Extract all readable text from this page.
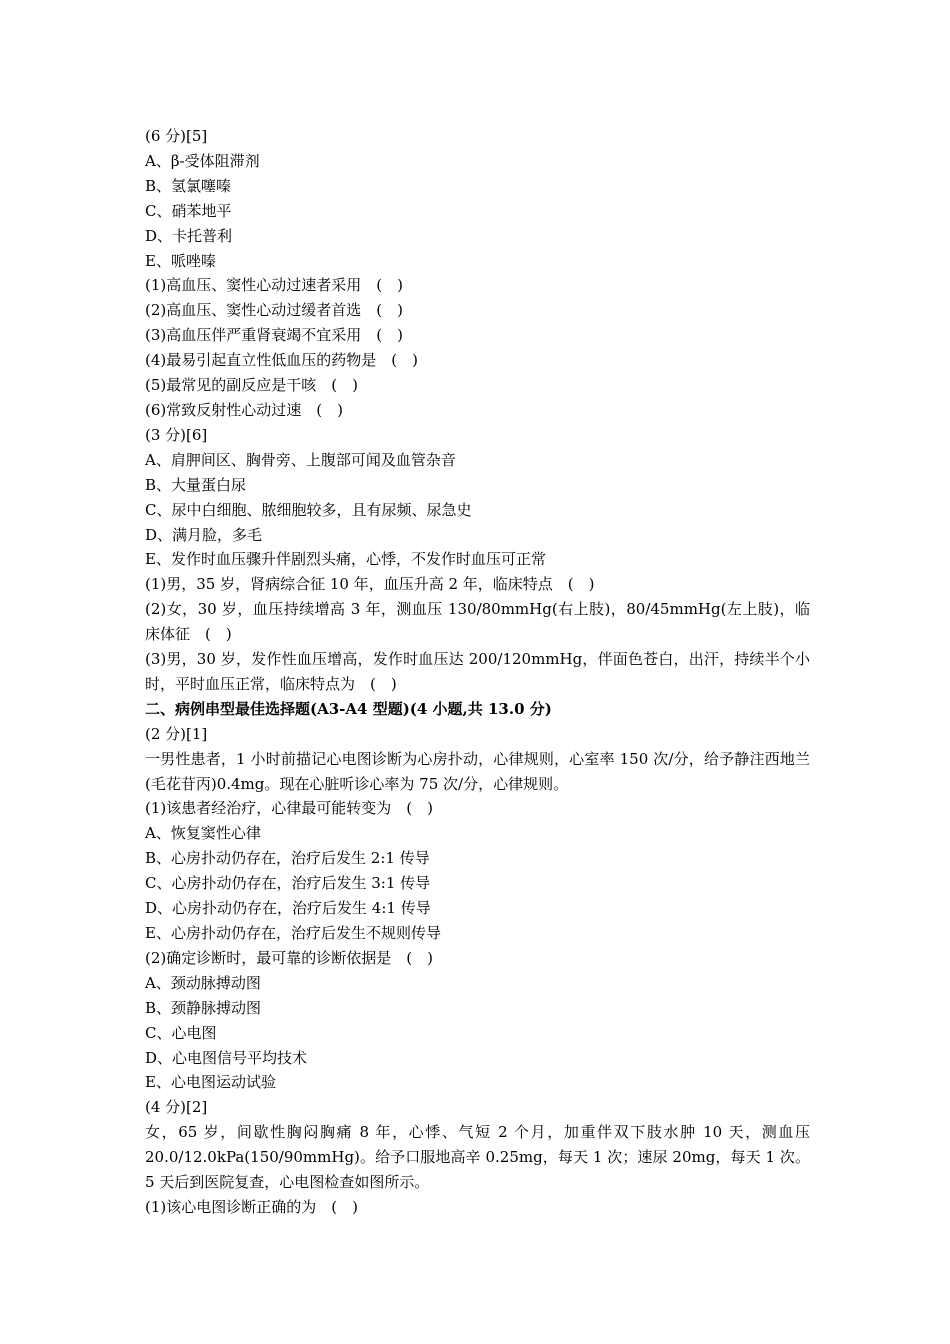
(6 分)[5]
A、β-受体阻滞剂
B、氢氯噻嗪
C、硝苯地平
D、卡托普利
E、哌唑嗪
(1)高血压、窦性心动过速者采用　(　)
(2)高血压、窦性心动过缓者首选　(　)
(3)高血压伴严重肾衰竭不宜采用　(　)
(4)最易引起直立性低血压的药物是　(　)
(5)最常见的副反应是干咳　(　)
(6)常致反射性心动过速　(　)
(3 分)[6]
A、肩胛间区、胸骨旁、上腹部可闻及血管杂音
B、大量蛋白尿
C、尿中白细胞、脓细胞较多，且有尿频、尿急史
D、满月脸，多毛
E、发作时血压骤升伴剧烈头痛，心悸，不发作时血压可正常
(1)男，35 岁，肾病综合征 10 年，血压升高 2 年，临床特点　(　)
(2)女，30 岁，血压持续增高 3 年，测血压 130/80mmHg(右上肢)，80/45mmHg(左上肢)，临床体征　(　)
(3)男，30 岁，发作性血压增高，发作时血压达 200/120mmHg，伴面色苍白，出汗，持续半个小时，平时血压正常，临床特点为　(　)
二、病例串型最佳选择题(A3-A4 型题)(4 小题,共 13.0 分)
(2 分)[1]
一男性患者，1 小时前描记心电图诊断为心房扑动，心律规则，心室率 150 次/分，给予静注西地兰(毛花苷丙)0.4mg。现在心脏听诊心率为 75 次/分，心律规则。
(1)该患者经治疗，心律最可能转变为　(　)
A、恢复窦性心律
B、心房扑动仍存在，治疗后发生 2:1 传导
C、心房扑动仍存在，治疗后发生 3:1 传导
D、心房扑动仍存在，治疗后发生 4:1 传导
E、心房扑动仍存在，治疗后发生不规则传导
(2)确定诊断时，最可靠的诊断依据是　(　)
A、颈动脉搏动图
B、颈静脉搏动图
C、心电图
D、心电图信号平均技术
E、心电图运动试验
(4 分)[2]
女，65 岁，间歇性胸闷胸痛 8 年，心悸、气短 2 个月，加重伴双下肢水肿 10 天，测血压 20.0/12.0kPa(150/90mmHg)。给予口服地高辛 0.25mg，每天 1 次；速尿 20mg，每天 1 次。5 天后到医院复查，心电图检查如图所示。
(1)该心电图诊断正确的为　(　)
